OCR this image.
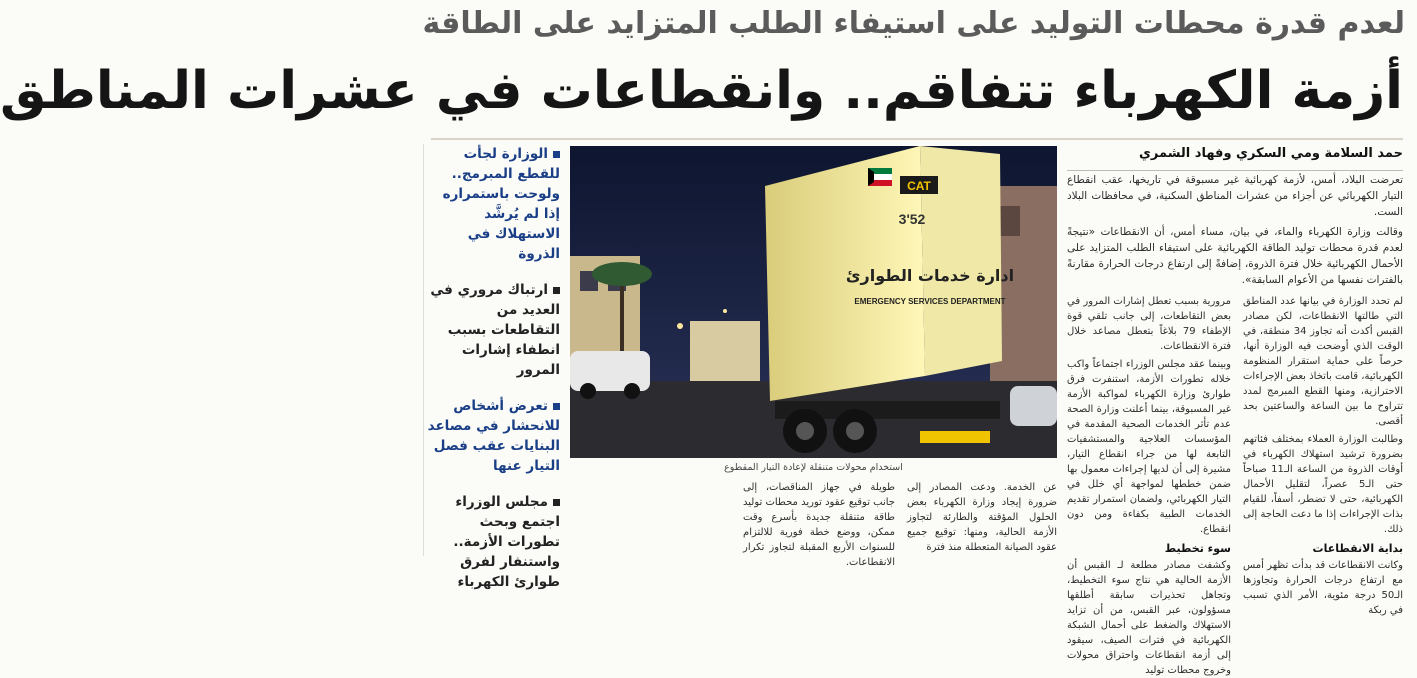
لعدم قدرة محطات التوليد على استيفاء الطلب المتزايد على الطاقة
أزمة الكهرباء تتفاقم.. وانقطاعات في عشرات المناطق
حمد السلامة ومي السكري وفهاد الشمري

تعرضت البلاد، أمس، لأزمة كهربائية غير مسبوقة في تاريخها، عقب انقطاع التيار الكهربائي عن أجزاء من عشرات المناطق السكنية، في محافظات البلاد الست.

وقالت وزارة الكهرباء والماء، في بيان، مساء أمس، أن الانقطاعات «نتيجةً لعدم قدرة محطات توليد الطاقة الكهربائية على استيفاء الطلب المتزايد على الأحمال الكهربائية خلال فترة الذروة، إضافةً إلى ارتفاع درجات الحرارة مقارنةً بالفترات نفسها من الأعوام السابقة».

لم تحدد الوزارة في بيانها عدد المناطق التي طالتها الانقطاعات، لكن مصادر القبس أكدت أنه تجاوز 34 منطقة، في الوقت الذي أوضحت فيه الوزارة أنها، حرصاً على حماية استقرار المنظومة الكهربائية، قامت باتخاذ بعض الإجراءات الاحترازية، ومنها القطع المبرمج لمدد تتراوح ما بين الساعة والساعتين بحد أقصى.

وطالبت الوزارة العملاء بمختلف فئاتهم بضرورة ترشيد استهلاك الكهرباء في أوقات الذروة من الساعة الـ11 صباحاً حتى الـ5 عصراً، لتقليل الأحمال الكهربائية، حتى لا تضطر، أسفاً، للقيام بذات الإجراءات إذا ما دعت الحاجة إلى ذلك.

بداية الانقطاعات

وكانت الانقطاعات قد بدأت تظهر أمس مع ارتفاع درجات الحرارة وتجاوزها الـ50 درجة مئوية، الأمر الذي تسبب في ربكة

مرورية بسبب تعطل إشارات المرور في بعض التقاطعات، إلى جانب تلقي قوة الإطفاء 79 بلاغاً بتعطل مصاعد خلال فترة الانقطاعات.

وبينما عقد مجلس الوزراء اجتماعاً واكب خلاله تطورات الأزمة، استنفرت فرق طوارئ وزارة الكهرباء لمواكبة الأزمة غير المسبوقة، بينما أعلنت وزارة الصحة عدم تأثر الخدمات الصحية المقدمة في المؤسسات العلاجية والمستشفيات التابعة لها من جراء انقطاع التيار، مشيرة إلى أن لديها إجراءات معمول بها ضمن خططها لمواجهة أي خلل في التيار الكهربائي، ولضمان استمرار تقديم الخدمات الطبية بكفاءة ومن دون انقطاع.

سوء تخطيط

وكشفت مصادر مطلعة لـ القبس أن الأزمة الحالية هي نتاج سوء التخطيط، وتجاهل تحذيرات سابقة أطلقها مسؤولون، عبر القبس، من أن تزايد الاستهلاك والضغط على أحمال الشبكة الكهربائية في فترات الصيف، سيقود إلى أزمة انقطاعات واحتراق محولات وخروج محطات توليد

CAT
3'52
ادارة خدمات الطوارئ
EMERGENCY SERVICES DEPARTMENT
استخدام محولات متنقلة لإعادة التيار المقطوع

عن الخدمة. ودعت المصادر إلى ضرورة إيجاد وزارة الكهرباء بعض الحلول المؤقتة والطارئة لتجاوز الأزمة الحالية، ومنها: توقيع جميع عقود الصيانة المتعطلة منذ فترة

طويلة في جهاز المناقصات، إلى جانب توقيع عقود توريد محطات توليد طاقة متنقلة جديدة بأسرع وقت ممكن، ووضع خطة فورية للالتزام للسنوات الأربع المقبلة لتجاوز تكرار الانقطاعات.

الوزارة لجأت للقطع المبرمج.. ولوحت باستمراره إذا لم يُرشَّد الاستهلاك في الذروة
ارتباك مروري في العديد من التقاطعات بسبب انطفاء إشارات المرور
تعرض أشخاص للانحشار في مصاعد البنايات عقب فصل التيار عنها
مجلس الوزراء اجتمع وبحث تطورات الأزمة.. واستنفار لفرق طوارئ الكهرباء
